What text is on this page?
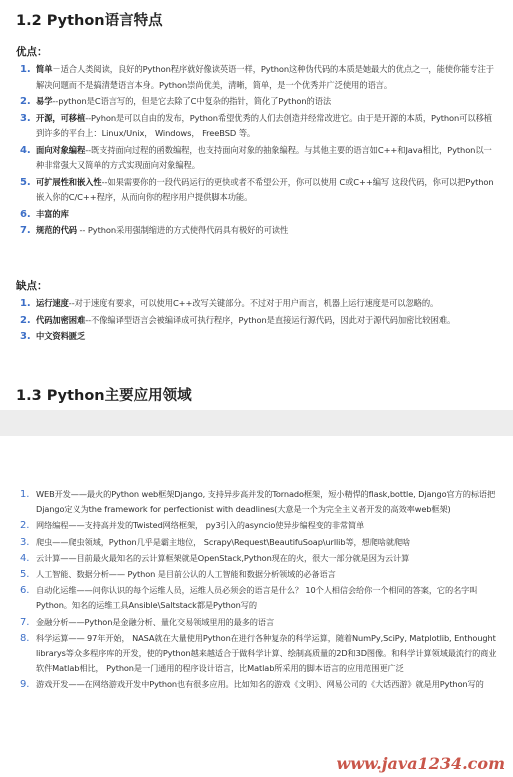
1.2 Python语言特点
优点：
1. 简单－适合人类阅读，良好的Python程序就好像读英语一样，Python这种伪代码的本质是她最大的优点之一，能使你能专注于解决问题而不是搞清楚语言本身。Python崇尚优美，清晰，简单，是一个优秀并广泛使用的语言。
2. 易学--python是C语言写的，但是它去除了C中复杂的指针，简化了Python的语法
3. 开源，可移植--Pyhon是可以自由的发布，Python希望优秀的人们去创造并经常改进它。由于是开源的本质，Python可以移植到许多的平台上：Linux/Unix， Windows， FreeBSD 等。
4. 面向对象编程--既支持面向过程的函数编程，也支持面向对象的抽象编程。与其他主要的语言如C++和Java相比，Python以一种非常强大又简单的方式实现面向对象编程。
5. 可扩展性和嵌入性--如果需要你的一段代码运行的更快或者不希望公开，你可以使用 C或C++编写 这段代码，你可以把Python嵌入你的C/C++程序，从而向你的程序用户提供脚本功能。
6. 丰富的库
7. 规范的代码 -- Python采用强制缩进的方式使得代码具有极好的可读性
缺点：
1. 运行速度--对于速度有要求，可以使用C++改写关键部分。不过对于用户而言，机器上运行速度是可以忽略的。
2. 代码加密困难--不像编译型语言会被编译成可执行程序，Python是直接运行源代码，因此对于源代码加密比较困难。
3. 中文资料匮乏
1.3 Python主要应用领域
1. WEB开发——最火的Python web框架Django, 支持异步高并发的Tornado框架，短小精悍的flask,bottle, Django官方的标语把Django定义为the framework for perfectionist with deadlines(大意是一个为完全主义者开发的高效率web框架)
2. 网络编程——支持高并发的Twisted网络框架， py3引入的asyncio使异步编程变的非常简单
3. 爬虫——爬虫领域，Python几乎是霸主地位， Scrapy\Request\BeautifuSoap\urllib等，想爬啥就爬啥
4. 云计算——目前最火最知名的云计算框架就是OpenStack,Python现在的火，很大一部分就是因为云计算
5. 人工智能、数据分析—— Python 是目前公认的人工智能和数据分析领域的必备语言
6. 自动化运维——问你认识的每个运维人员，运维人员必须会的语言是什么？ 10个人相信会给你一个相同的答案，它的名字叫Python。知名的运维工具Ansible\Saltstack都是Python写的
7. 金融分析——Python是金融分析、量化交易领域里用的最多的语言
8. 科学运算—— 97年开始， NASA就在大量使用Python在进行各种复杂的科学运算，随着NumPy,SciPy, Matplotlib, Enthought librarys等众多程序库的开发，使的Python越来越适合于做科学计算、绘制高质量的2D和3D图像。和科学计算领域最流行的商业软件Matlab相比， Python是一门通用的程序设计语言，比Matlab所采用的脚本语言的应用范围更广泛
9. 游戏开发——在网络游戏开发中Python也有很多应用。比如知名的游戏《文明》、网易公司的《大话西游》就是用Python写的
www.java1234.com
